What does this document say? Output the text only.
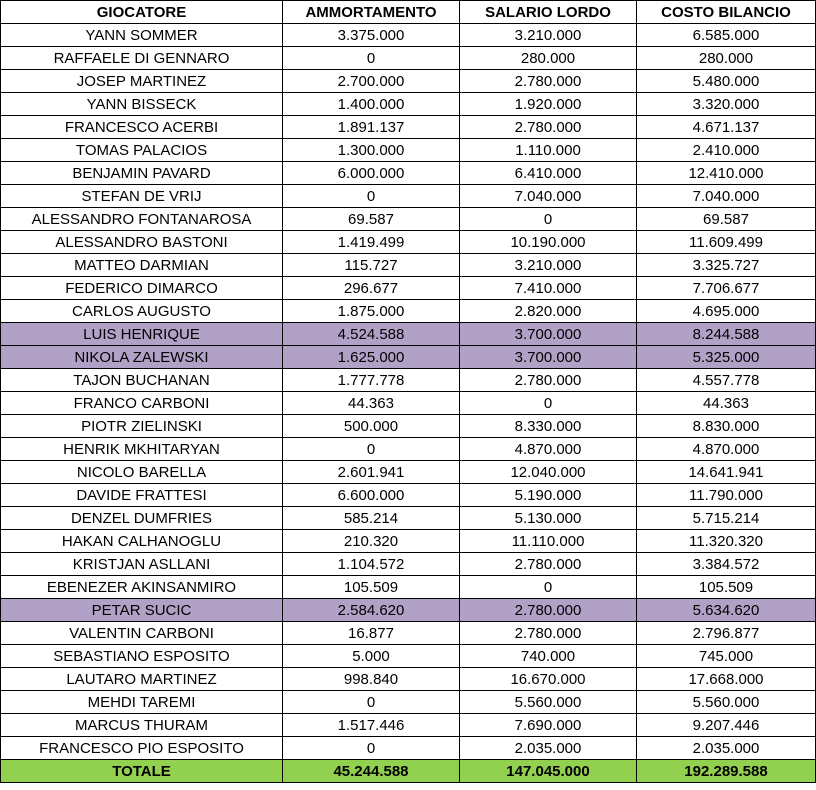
GIOCATORE	AMMORTAMENTO	SALARIO LORDO	COSTO BILANCIO
YANN SOMMER	3.375.000	3.210.000	6.585.000
RAFFAELE DI GENNARO	0	280.000	280.000
JOSEP MARTINEZ	2.700.000	2.780.000	5.480.000
YANN BISSECK	1.400.000	1.920.000	3.320.000
FRANCESCO ACERBI	1.891.137	2.780.000	4.671.137
TOMAS PALACIOS	1.300.000	1.110.000	2.410.000
BENJAMIN PAVARD	6.000.000	6.410.000	12.410.000
STEFAN DE VRIJ	0	7.040.000	7.040.000
ALESSANDRO FONTANAROSA	69.587	0	69.587
ALESSANDRO BASTONI	1.419.499	10.190.000	11.609.499
MATTEO DARMIAN	115.727	3.210.000	3.325.727
FEDERICO DIMARCO	296.677	7.410.000	7.706.677
CARLOS AUGUSTO	1.875.000	2.820.000	4.695.000
LUIS HENRIQUE	4.524.588	3.700.000	8.244.588
NIKOLA ZALEWSKI	1.625.000	3.700.000	5.325.000
TAJON BUCHANAN	1.777.778	2.780.000	4.557.778
FRANCO CARBONI	44.363	0	44.363
PIOTR ZIELINSKI	500.000	8.330.000	8.830.000
HENRIK MKHITARYAN	0	4.870.000	4.870.000
NICOLO BARELLA	2.601.941	12.040.000	14.641.941
DAVIDE FRATTESI	6.600.000	5.190.000	11.790.000
DENZEL DUMFRIES	585.214	5.130.000	5.715.214
HAKAN CALHANOGLU	210.320	11.110.000	11.320.320
KRISTJAN ASLLANI	1.104.572	2.780.000	3.384.572
EBENEZER AKINSANMIRO	105.509	0	105.509
PETAR SUCIC	2.584.620	2.780.000	5.634.620
VALENTIN CARBONI	16.877	2.780.000	2.796.877
SEBASTIANO ESPOSITO	5.000	740.000	745.000
LAUTARO MARTINEZ	998.840	16.670.000	17.668.000
MEHDI TAREMI	0	5.560.000	5.560.000
MARCUS THURAM	1.517.446	7.690.000	9.207.446
FRANCESCO PIO ESPOSITO	0	2.035.000	2.035.000
TOTALE	45.244.588	147.045.000	192.289.588
